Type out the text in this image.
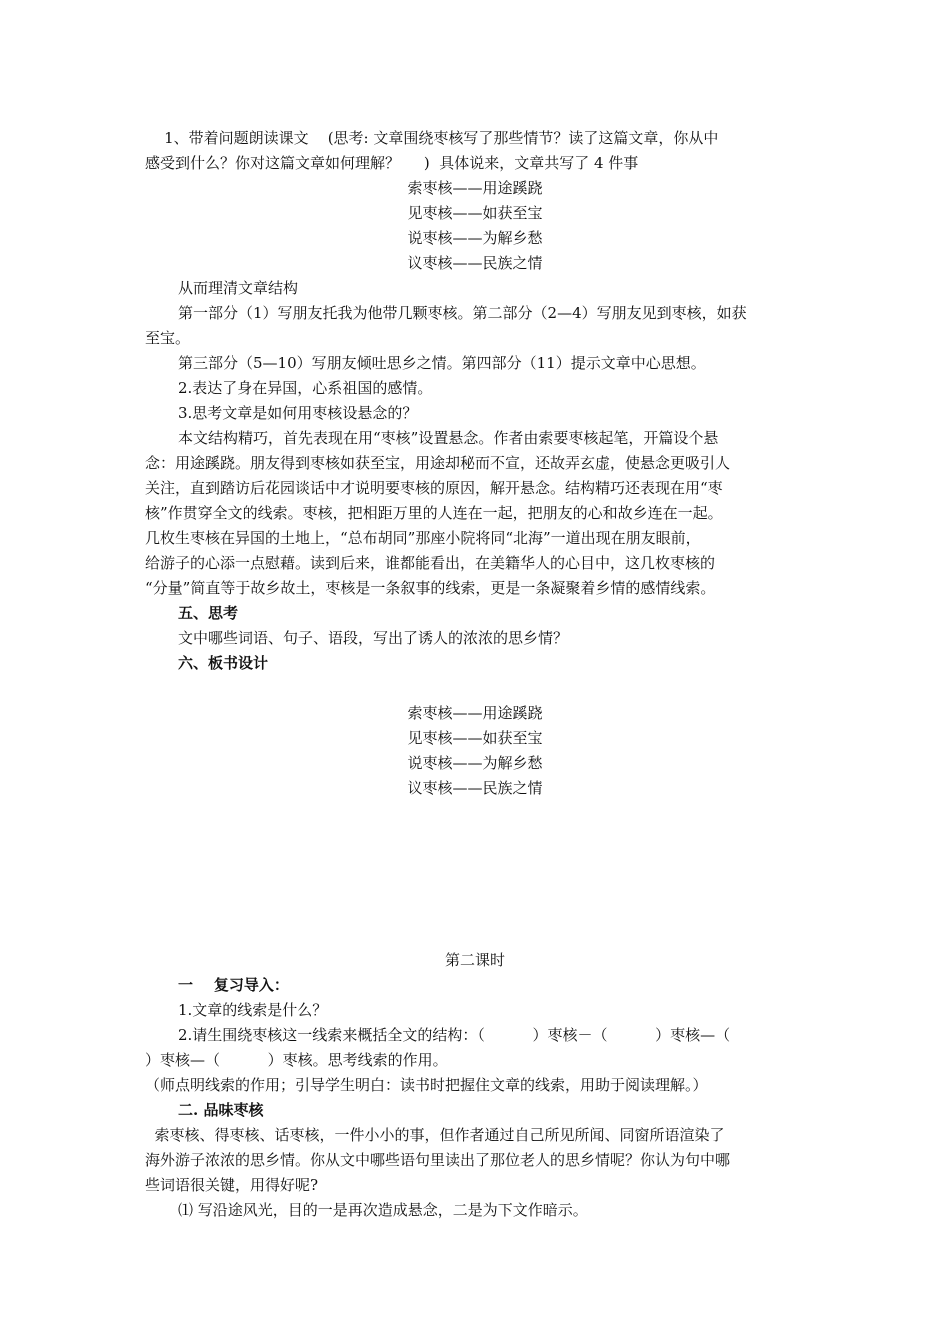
1、带着问题朗读课文    (思考: 文章围绕枣核写了那些情节？读了这篇文章，你从中

感受到什么？你对这篇文章如何理解？     )  具体说来，文章共写了 4 件事

索枣核——用途蹊跷

见枣核——如获至宝

说枣核——为解乡愁

议枣核——民族之情

从而理清文章结构

第一部分（1）写朋友托我为他带几颗枣核。第二部分（2—4）写朋友见到枣核，如获

至宝。

第三部分（5—10）写朋友倾吐思乡之情。第四部分（11）提示文章中心思想。

2.表达了身在异国，心系祖国的感情。

3.思考文章是如何用枣核设悬念的？

本文结构精巧，首先表现在用“枣核”设置悬念。作者由索要枣核起笔，开篇设个悬

念：用途蹊跷。朋友得到枣核如获至宝，用途却秘而不宣，还故弄玄虚，使悬念更吸引人

关注，直到踏访后花园谈话中才说明要枣核的原因，解开悬念。结构精巧还表现在用“枣

核”作贯穿全文的线索。枣核，把相距万里的人连在一起，把朋友的心和故乡连在一起。

几枚生枣核在异国的土地上，“总布胡同”那座小院将同“北海”一道出现在朋友眼前，

给游子的心添一点慰藉。读到后来，谁都能看出，在美籍华人的心目中，这几枚枣核的

“分量”简直等于故乡故土，枣核是一条叙事的线索，更是一条凝聚着乡情的感情线索。

五、思考

文中哪些词语、句子、语段，写出了诱人的浓浓的思乡情？

六、板书设计

索枣核——用途蹊跷

见枣核——如获至宝

说枣核——为解乡愁

议枣核——民族之情

第二课时

一    复习导入：

1.文章的线索是什么？

2.请生围绕枣核这一线索来概括全文的结构：（          ）枣核－（          ）枣核—（

）枣核—（          ）枣核。思考线索的作用。

（师点明线索的作用；引导学生明白：读书时把握住文章的线索，用助于阅读理解。）

二. 品味枣核

索枣核、得枣核、话枣核，一件小小的事，但作者通过自己所见所闻、同窗所语渲染了

海外游子浓浓的思乡情。你从文中哪些语句里读出了那位老人的思乡情呢？你认为句中哪

些词语很关键，用得好呢?

⑴ 写沿途风光，目的一是再次造成悬念，二是为下文作暗示。
